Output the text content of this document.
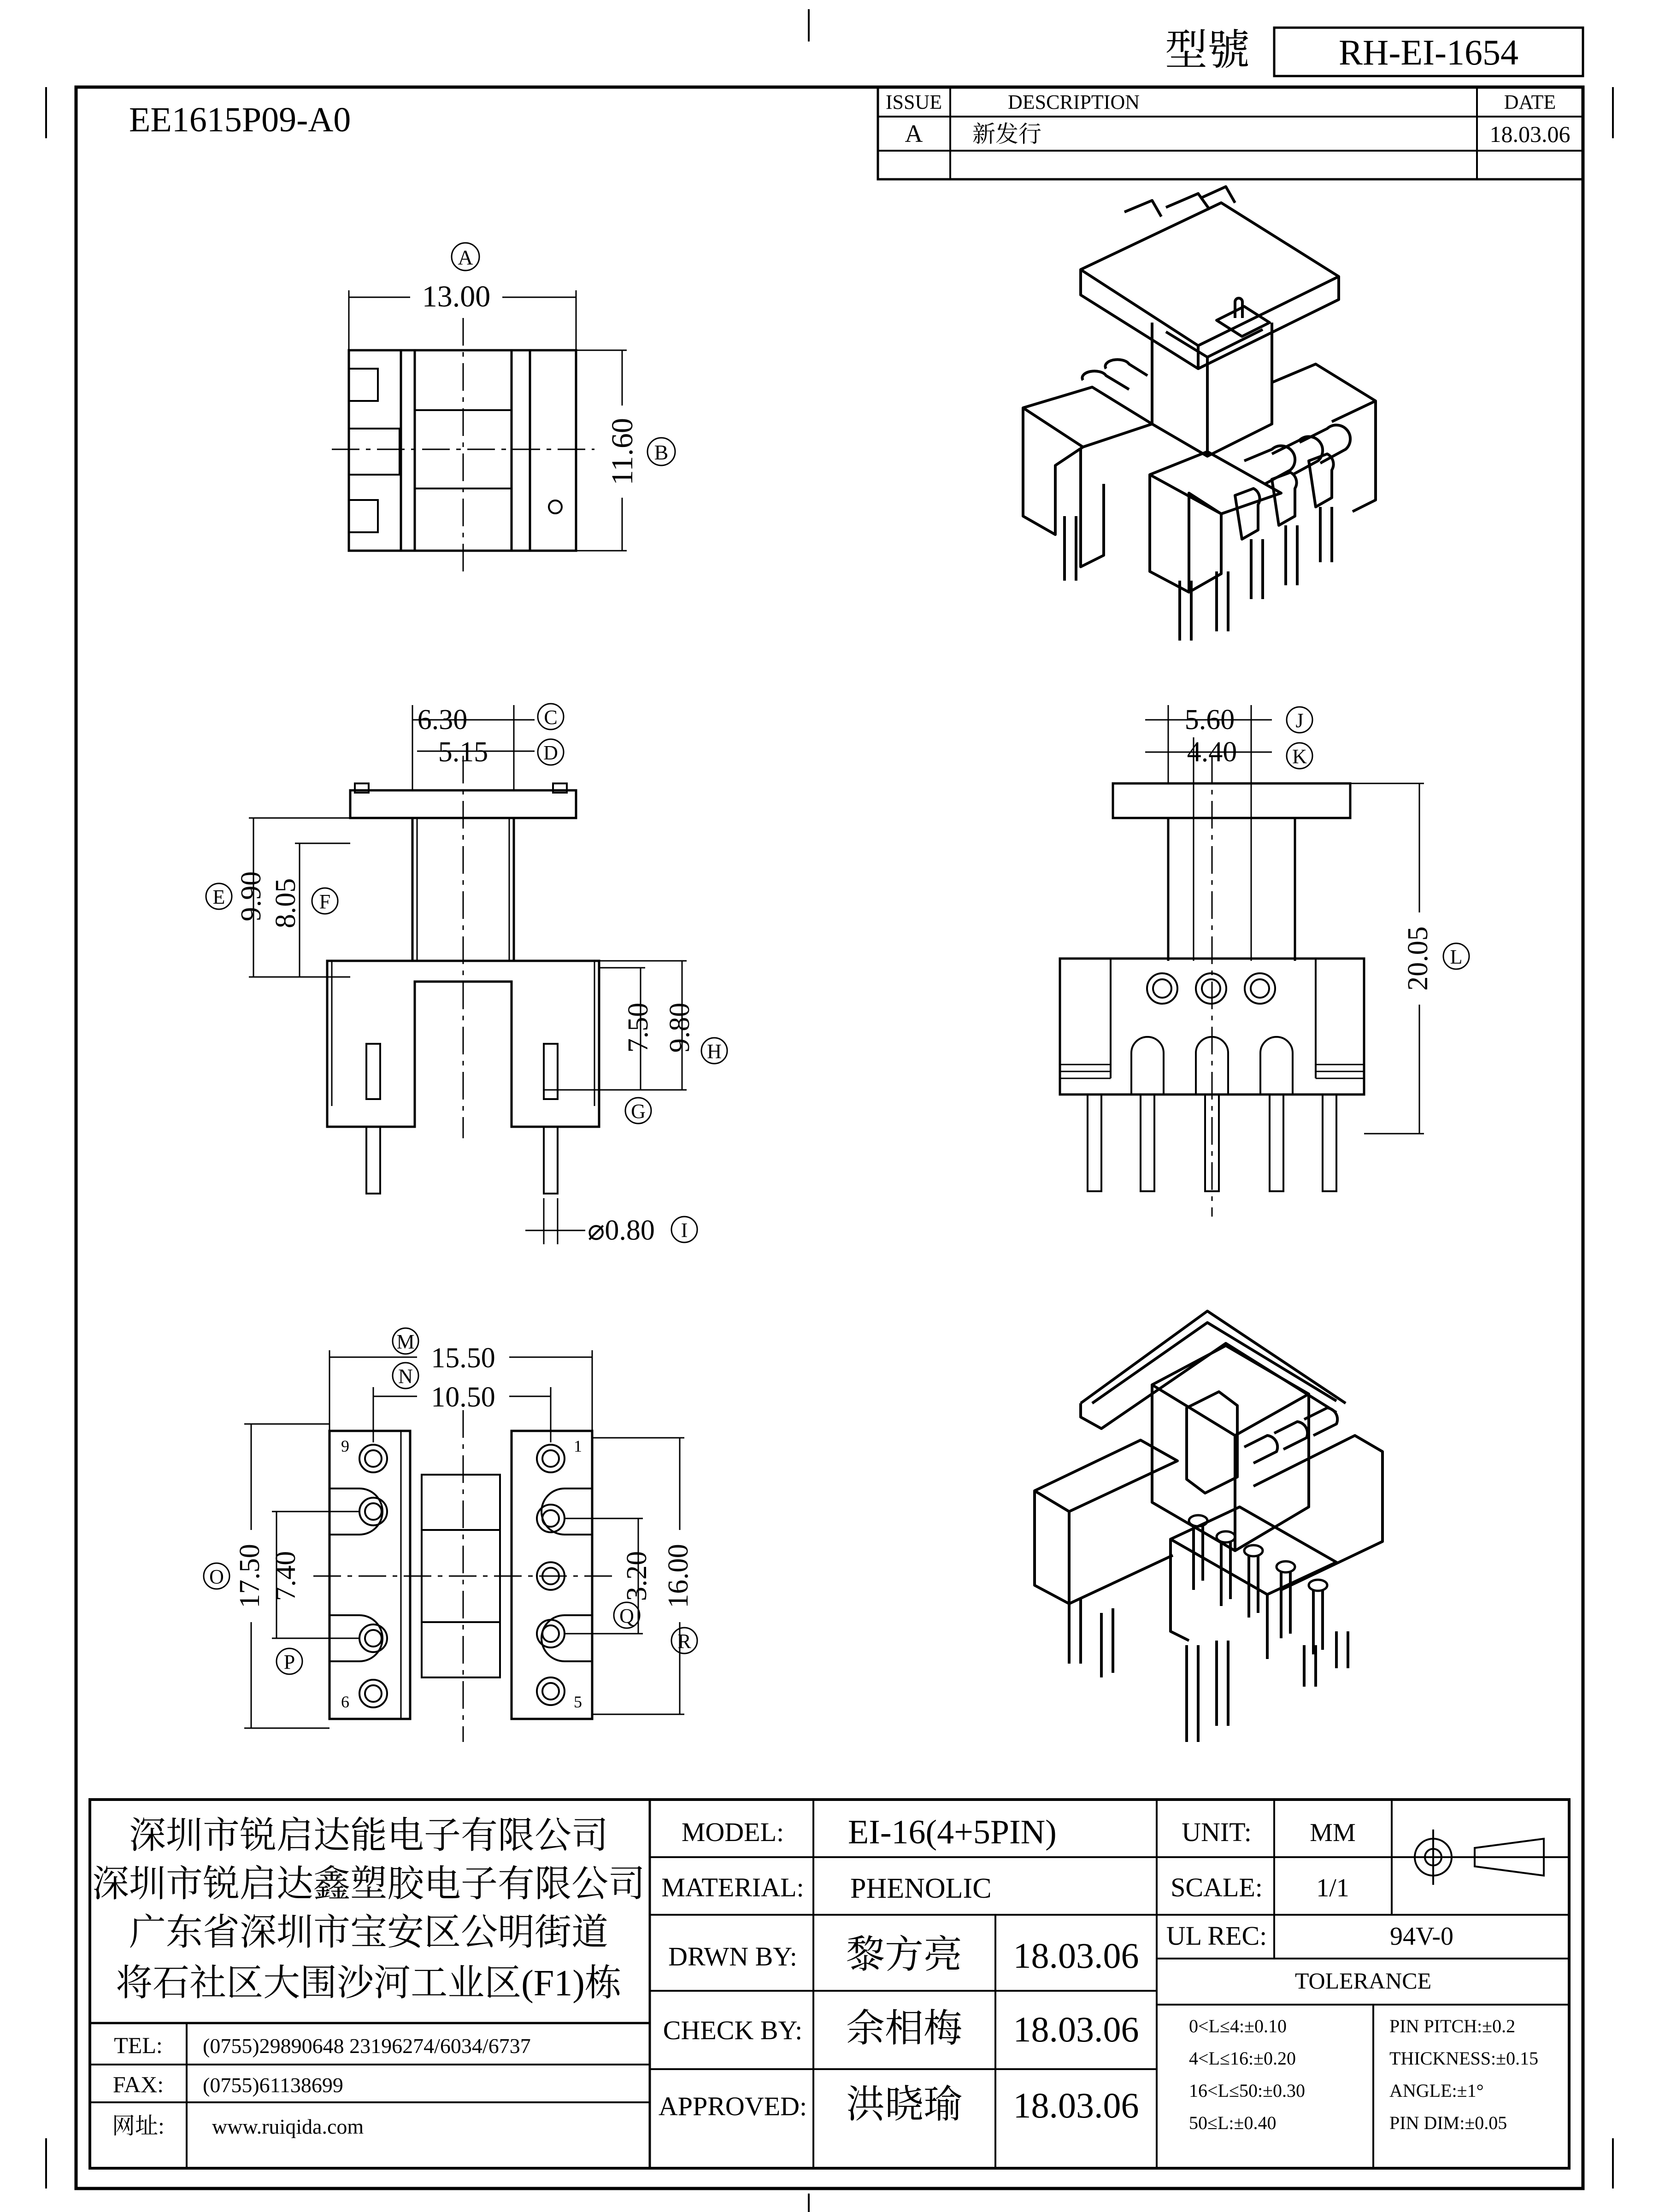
型號 RH-EI-1654
EE1615P09-A0	ISSUE	DESCRIPTION	DATE
A 新发行	18.03.06
13.00
A
11.60 B
6.30	C
5.15	D
9.90
E 8.05 F
7.50
G
9.80 H
⌀0.80 I
5.60	J
4.40	K
20.05 L
9
6
1
5
15.50
M
10.50
N
17.50
O 7.40
P
3.20
Q
16.00
R
深圳市锐启达能电子有限公司
深圳市锐启达鑫塑胶电子有限公司
广东省深圳市宝安区公明街道
将石社区大围沙河工业区(F1)栋
TEL: (0755)29890648 23196274/6034/6737
FAX: (0755)61138699
网址: www.ruiqida.com
MODEL: EI-16(4+5PIN)
MATERIAL: PHENOLIC
DRWN BY: 黎方亮 18.03.06
CHECK BY: 余相梅 18.03.06
APPROVED: 洪晓瑜 18.03.06
UNIT: MM
SCALE: 1/1
UL REC:	94V-0
TOLERANCE
0<L≤4:±0.10
4<L≤16:±0.20
16<L≤50:±0.30
50≤L:±0.40
PIN PITCH:±0.2
THICKNESS:±0.15
ANGLE:±1°
PIN DIM:±0.05
